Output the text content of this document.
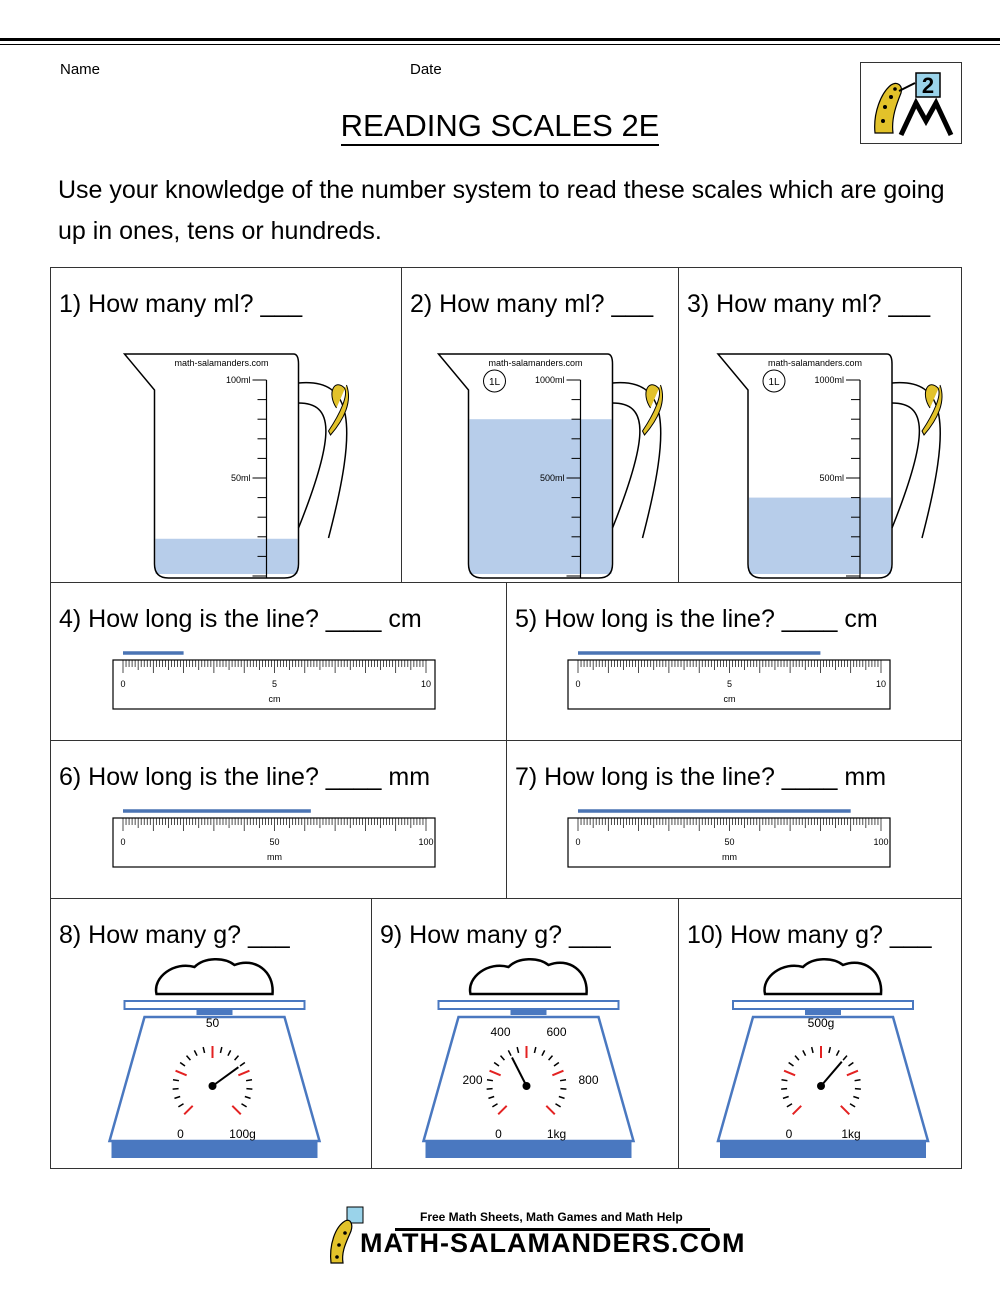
Name	Date
2
READING SCALES 2E
Use your knowledge of the number system to read these scales which are going up in ones, tens or hundreds.
1) How many ml? ___
math-salamanders.com
100ml
50ml
2) How many ml? ___
math-salamanders.com
1L	1000ml
500ml
3) How many ml? ___
math-salamanders.com
1L	1000ml
500ml
4) How long is the line? ____ cm
0	5	10
cm
5) How long is the line? ____ cm
0	5	10
cm
6) How long is the line? ____ mm
0	50	100
mm
7) How long is the line? ____ mm
0	50	100
mm
8) How many g? ___
50
0	100g
9) How many g? ___
400	600
200	800
0	1kg
10) How many g? ___
500g
0	1kg
Free Math Sheets, Math Games and Math Help
MATH-SALAMANDERS.COM
